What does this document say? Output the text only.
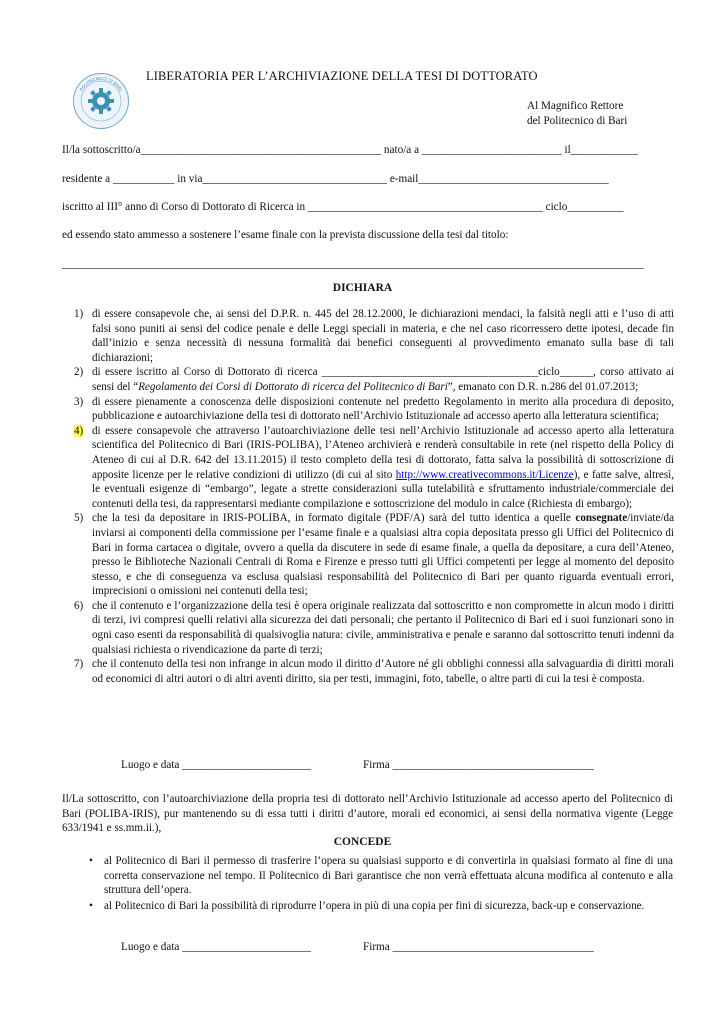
POLITECNICO DI BARI
LIBERATORIA PER L’ARCHIVIAZIONE DELLA TESI DI DOTTORATO
Al Magnifico Rettore
del Politecnico di Bari
Il/la sottoscritto/a___________________________________________ nato/a a _________________________ il____________
residente a ___________ in via_________________________________ e-mail__________________________________
iscritto al III° anno di Corso di Dottorato di Ricerca in __________________________________________ ciclo__________
ed essendo stato ammesso a sostenere l’esame finale con la prevista discussione della tesi dal titolo:
________________________________________________________________________________________________________
DICHIARA
1) di essere consapevole che, ai sensi del D.P.R. n. 445 del 28.12.2000, le dichiarazioni mendaci, la falsità negli atti e l’uso di atti falsi sono puniti ai sensi del codice penale e delle Leggi speciali in materia, e che nel caso ricorressero dette ipotesi, decade fin dall’inizio e senza necessità di nessuna formalità dai benefici conseguenti al provvedimento emanato sulla base di tali dichiarazioni;
2) di essere iscritto al Corso di Dottorato di ricerca _______________________________________ciclo______, corso attivato ai sensi del “Regolamento dei Corsi di Dottorato di ricerca del Politecnico di Bari”, emanato con D.R. n.286 del 01.07.2013;
3) di essere pienamente a conoscenza delle disposizioni contenute nel predetto Regolamento in merito alla procedura di deposito, pubblicazione e autoarchiviazione della tesi di dottorato nell’Archivio Istituzionale ad accesso aperto alla letteratura scientifica;
4) di essere consapevole che attraverso l’autoarchiviazione delle tesi nell’Archivio Istituzionale ad accesso aperto alla letteratura scientifica del Politecnico di Bari (IRIS-POLIBA), l’Ateneo archivierà e renderà consultabile in rete (nel rispetto della Policy di Ateneo di cui al D.R. 642 del 13.11.2015) il testo completo della tesi di dottorato, fatta salva la possibilità di sottoscrizione di apposite licenze per le relative condizioni di utilizzo (di cui al sito http://www.creativecommons.it/Licenze), e fatte salve, altresì, le eventuali esigenze di “embargo”, legate a strette considerazioni sulla tutelabilità e sfruttamento industriale/commerciale dei contenuti della tesi, da rappresentarsi mediante compilazione e sottoscrizione del modulo in calce (Richiesta di embargo);
5) che la tesi da depositare in IRIS-POLIBA, in formato digitale (PDF/A) sarà del tutto identica a quelle consegnate/inviate/da inviarsi ai componenti della commissione per l’esame finale e a qualsiasi altra copia depositata presso gli Uffici del Politecnico di Bari in forma cartacea o digitale, ovvero a quella da discutere in sede di esame finale, a quella da depositare, a cura dell’Ateneo, presso le Biblioteche Nazionali Centrali di Roma e Firenze e presso tutti gli Uffici competenti per legge al momento del deposito stesso, e che di conseguenza va esclusa qualsiasi responsabilità del Politecnico di Bari per quanto riguarda eventuali errori, imprecisioni o omissioni nei contenuti della tesi;
6) che il contenuto e l’organizzazione della tesi è opera originale realizzata dal sottoscritto e non compromette in alcun modo i diritti di terzi, ivi compresi quelli relativi alla sicurezza dei dati personali; che pertanto il Politecnico di Bari ed i suoi funzionari sono in ogni caso esenti da responsabilità di qualsivoglia natura: civile, amministrativa e penale e saranno dal sottoscritto tenuti indenni da qualsiasi richiesta o rivendicazione da parte di terzi;
7) che il contenuto della tesi non infrange in alcun modo il diritto d’Autore né gli obblighi connessi alla salvaguardia di diritti morali od economici di altri autori o di altri aventi diritto, sia per testi, immagini, foto, tabelle, o altre parti di cui la tesi è composta.
Luogo e data _______________________	Firma ____________________________________
Il/La sottoscritto, con l’autoarchiviazione della propria tesi di dottorato nell’Archivio Istituzionale ad accesso aperto del Politecnico di Bari (POLIBA-IRIS), pur mantenendo su di essa tutti i diritti d’autore, morali ed economici, ai sensi della normativa vigente (Legge 633/1941 e ss.mm.ii.),
CONCEDE
• al Politecnico di Bari il permesso di trasferire l’opera su qualsiasi supporto e di convertirla in qualsiasi formato al fine di una corretta conservazione nel tempo. Il Politecnico di Bari garantisce che non verrà effettuata alcuna modifica al contenuto e alla struttura dell’opera.
• al Politecnico di Bari la possibilità di riprodurre l’opera in più di una copia per fini di sicurezza, back-up e conservazione.
Luogo e data _______________________	Firma ____________________________________
